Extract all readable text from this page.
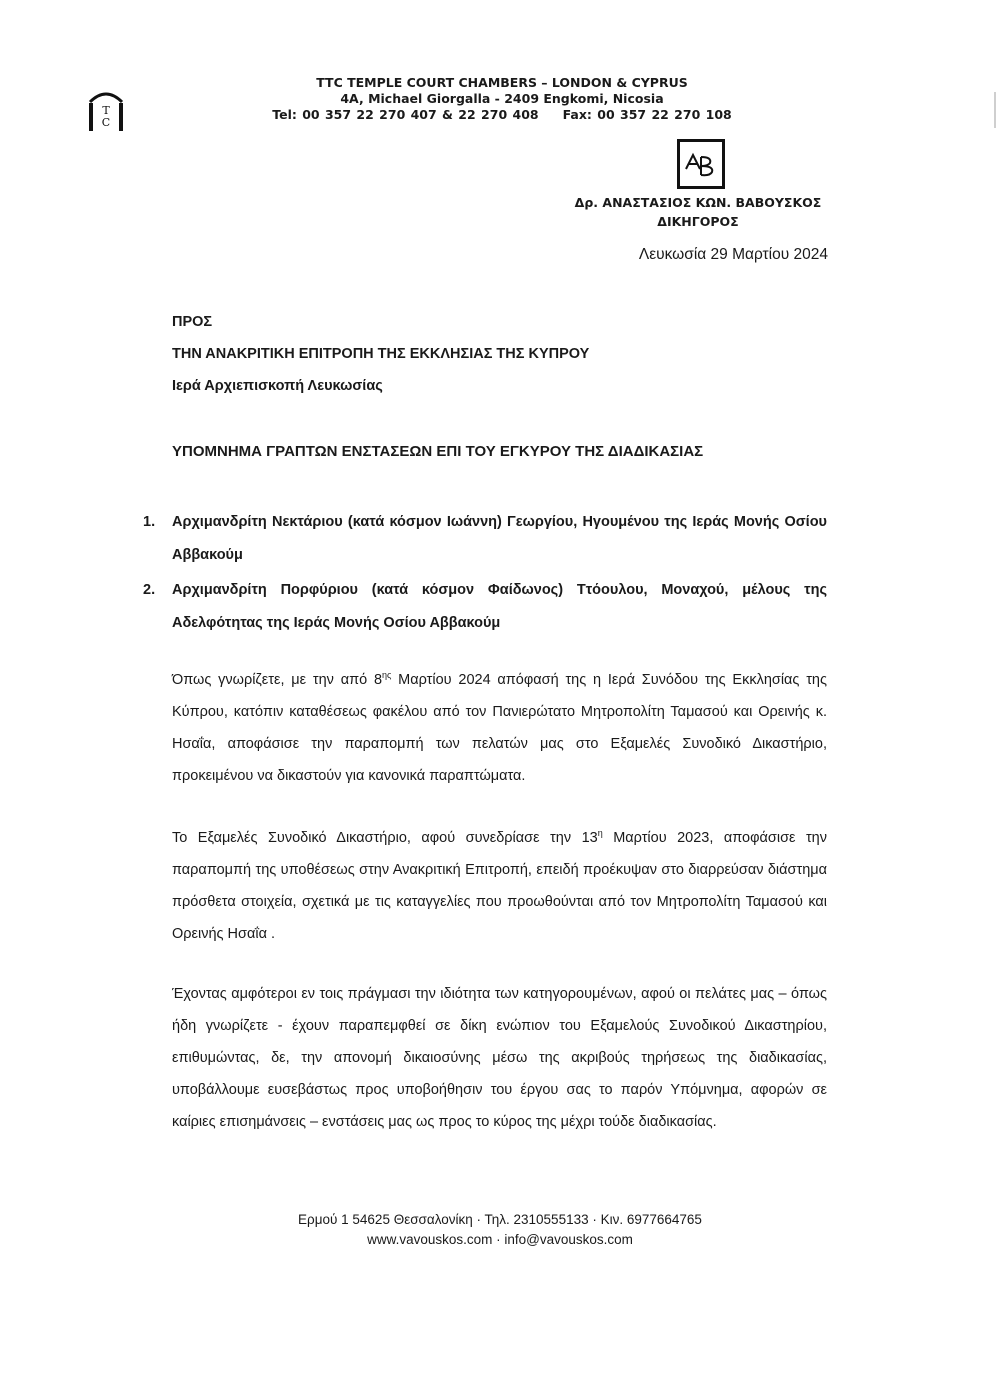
T
C
TTC TEMPLE COURT CHAMBERS – LONDON & CYPRUS
4A, Michael Giorgalla - 2409 Engkomi, Nicosia
Tel: 00 357 22 270 407 & 22 270 408 Fax: 00 357 22 270 108
Δρ. ΑΝΑΣΤΑΣΙΟΣ ΚΩΝ. ΒΑΒΟΥΣΚΟΣ
ΔΙΚΗΓΟΡΟΣ
Λευκωσία 29 Μαρτίου 2024
ΠΡΟΣ
ΤΗΝ ΑΝΑΚΡΙΤΙΚΗ ΕΠΙΤΡΟΠΗ ΤΗΣ ΕΚΚΛΗΣΙΑΣ ΤΗΣ ΚΥΠΡΟΥ
Ιερά Αρχιεπισκοπή Λευκωσίας
ΥΠΟΜΝΗΜΑ ΓΡΑΠΤΩΝ ΕΝΣΤΑΣΕΩΝ ΕΠΙ ΤΟΥ ΕΓΚΥΡΟΥ ΤΗΣ ΔΙΑΔΙΚΑΣΙΑΣ
1. Αρχιμανδρίτη Νεκτάριου (κατά κόσμον Ιωάννη) Γεωργίου, Ηγουμένου της Ιεράς Μονής Οσίου Αββακούμ
2. Αρχιμανδρίτη Πορφύριου (κατά κόσμον Φαίδωνος) Ττόουλου, Μοναχού, μέλους της Αδελφότητας της Ιεράς Μονής Οσίου Αββακούμ

Όπως γνωρίζετε, με την από $8^{\eta\varsigma}$ Μαρτίου 2024 απόφασή της η Ιερά Συνόδου της Εκκλησίας της Κύπρου, κατόπιν καταθέσεως φακέλου από τον Πανιερώτατο Μητροπολίτη Ταμασού και Ορεινής κ. Ησαΐα, αποφάσισε την παραπομπή των πελατών μας στο Εξαμελές Συνοδικό Δικαστήριο, προκειμένου να δικαστούν για κανονικά παραπτώματα.

Το Εξαμελές Συνοδικό Δικαστήριο, αφού συνεδρίασε την $13^\eta$ Μαρτίου 2023, αποφάσισε την παραπομπή της υποθέσεως στην Ανακριτική Επιτροπή, επειδή προέκυψαν στο διαρρεύσαν διάστημα πρόσθετα στοιχεία, σχετικά με τις καταγγελίες που προωθούνται από τον Μητροπολίτη Ταμασού και Ορεινής Ησαΐα .

Έχοντας αμφότεροι εν τοις πράγμασι την ιδιότητα των κατηγορουμένων, αφού οι πελάτες μας – όπως ήδη γνωρίζετε - έχουν παραπεμφθεί σε δίκη ενώπιον του Εξαμελούς Συνοδικού Δικαστηρίου, επιθυμώντας, δε, την απονομή δικαιοσύνης μέσω της ακριβούς τηρήσεως της διαδικασίας, υποβάλλουμε ευσεβάστως προς υποβοήθησιν του έργου σας το παρόν Υπόμνημα, αφορών σε καίριες επισημάνσεις – ενστάσεις μας ως προς το κύρος της μέχρι τούδε διαδικασίας.

Ερμού 1 54625 Θεσσαλονίκη · Τηλ. 2310555133 · Κιν. 6977664765
www.vavouskos.com · info@vavouskos.com
